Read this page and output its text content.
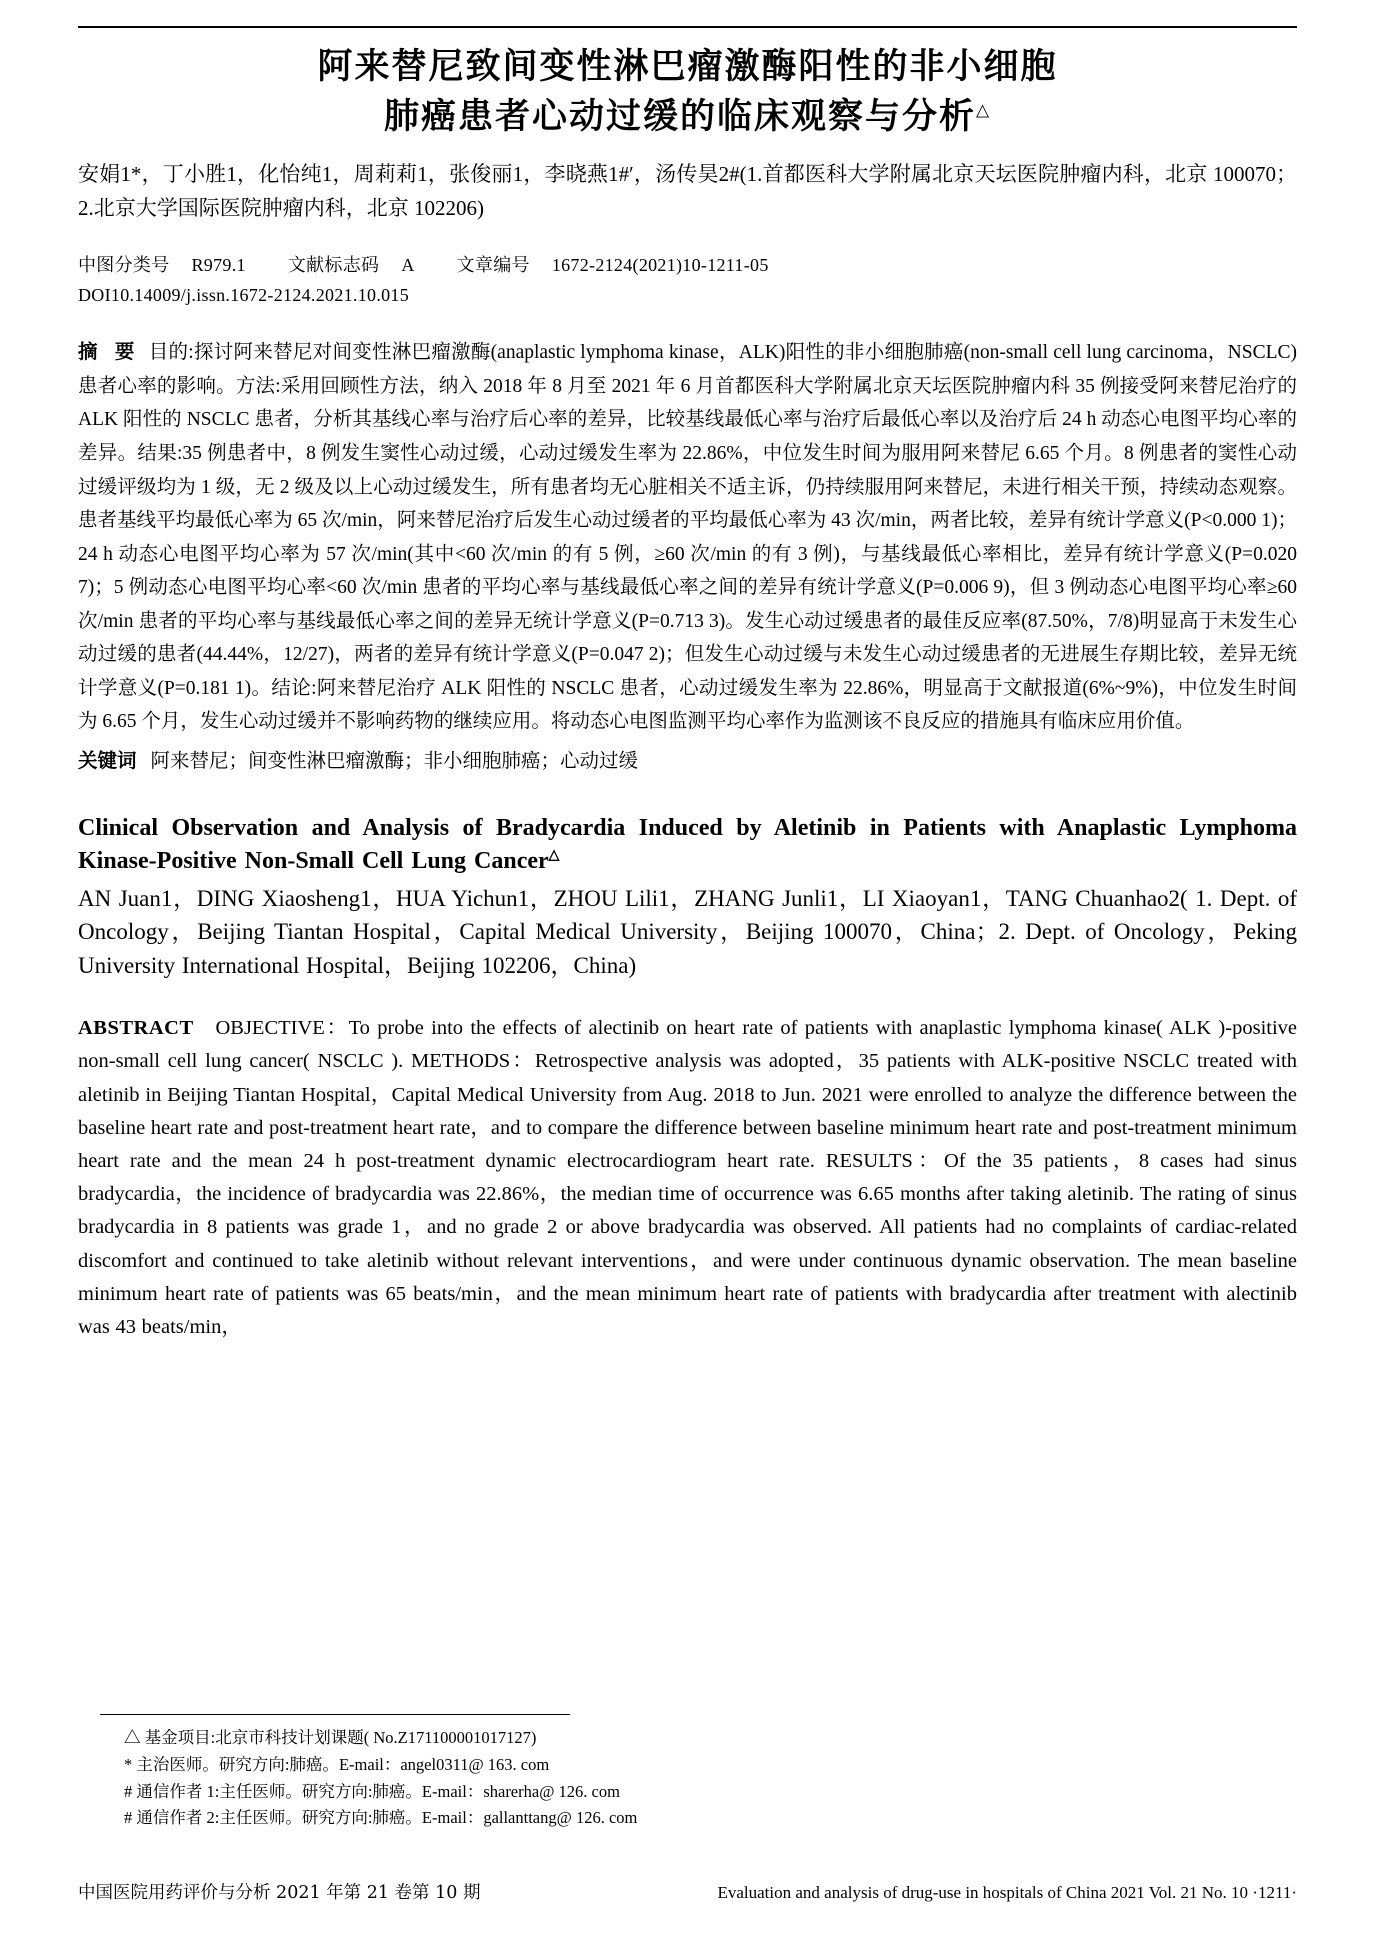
阿来替尼致间变性淋巴瘤激酶阳性的非小细胞
肺癌患者心动过缓的临床观察与分析△
安娟1*，丁小胜1，化怡纯1，周莉莉1，张俊丽1，李晓燕1#′，汤传昊2#(1.首都医科大学附属北京天坛医院肿瘤内科，北京 100070；2.北京大学国际医院肿瘤内科，北京 102206)
中图分类号 R979.1 文献标志码 A 文章编号 1672-2124(2021)10-1211-05
DOI10.14009/j.issn.1672-2124.2021.10.015
摘 要 目的:探讨阿来替尼对间变性淋巴瘤激酶(anaplastic lymphoma kinase，ALK)阳性的非小细胞肺癌(non-small cell lung carcinoma，NSCLC)患者心率的影响。方法:采用回顾性方法，纳入 2018 年 8 月至 2021 年 6 月首都医科大学附属北京天坛医院肿瘤内科 35 例接受阿来替尼治疗的 ALK 阳性的 NSCLC 患者，分析其基线心率与治疗后心率的差异，比较基线最低心率与治疗后最低心率以及治疗后 24 h 动态心电图平均心率的差异。结果:35 例患者中，8 例发生窦性心动过缓，心动过缓发生率为 22.86%，中位发生时间为服用阿来替尼 6.65 个月。8 例患者的窦性心动过缓评级均为 1 级，无 2 级及以上心动过缓发生，所有患者均无心脏相关不适主诉，仍持续服用阿来替尼，未进行相关干预，持续动态观察。患者基线平均最低心率为 65 次/min，阿来替尼治疗后发生心动过缓者的平均最低心率为 43 次/min，两者比较，差异有统计学意义(P<0.000 1)；24 h 动态心电图平均心率为 57 次/min(其中<60 次/min 的有 5 例，≥60 次/min 的有 3 例)，与基线最低心率相比，差异有统计学意义(P=0.020 7)；5 例动态心电图平均心率<60 次/min 患者的平均心率与基线最低心率之间的差异有统计学意义(P=0.006 9)，但 3 例动态心电图平均心率≥60 次/min 患者的平均心率与基线最低心率之间的差异无统计学意义(P=0.713 3)。发生心动过缓患者的最佳反应率(87.50%，7/8)明显高于未发生心动过缓的患者(44.44%，12/27)，两者的差异有统计学意义(P=0.047 2)；但发生心动过缓与未发生心动过缓患者的无进展生存期比较，差异无统计学意义(P=0.181 1)。结论:阿来替尼治疗 ALK 阳性的 NSCLC 患者，心动过缓发生率为 22.86%，明显高于文献报道(6%~9%)，中位发生时间为 6.65 个月，发生心动过缓并不影响药物的继续应用。将动态心电图监测平均心率作为监测该不良反应的措施具有临床应用价值。
关键词 阿来替尼；间变性淋巴瘤激酶；非小细胞肺癌；心动过缓
Clinical Observation and Analysis of Bradycardia Induced by Aletinib in Patients with Anaplastic Lymphoma Kinase-Positive Non-Small Cell Lung Cancer△
AN Juan1，DING Xiaosheng1，HUA Yichun1，ZHOU Lili1，ZHANG Junli1，LI Xiaoyan1，TANG Chuanhao2( 1. Dept. of Oncology，Beijing Tiantan Hospital，Capital Medical University，Beijing 100070，China；2. Dept. of Oncology，Peking University International Hospital，Beijing 102206，China)
ABSTRACT OBJECTIVE：To probe into the effects of alectinib on heart rate of patients with anaplastic lymphoma kinase( ALK )-positive non-small cell lung cancer( NSCLC ). METHODS：Retrospective analysis was adopted，35 patients with ALK-positive NSCLC treated with aletinib in Beijing Tiantan Hospital，Capital Medical University from Aug. 2018 to Jun. 2021 were enrolled to analyze the difference between the baseline heart rate and post-treatment heart rate，and to compare the difference between baseline minimum heart rate and post-treatment minimum heart rate and the mean 24 h post-treatment dynamic electrocardiogram heart rate. RESULTS：Of the 35 patients，8 cases had sinus bradycardia，the incidence of bradycardia was 22.86%，the median time of occurrence was 6.65 months after taking aletinib. The rating of sinus bradycardia in 8 patients was grade 1，and no grade 2 or above bradycardia was observed. All patients had no complaints of cardiac-related discomfort and continued to take aletinib without relevant interventions，and were under continuous dynamic observation. The mean baseline minimum heart rate of patients was 65 beats/min，and the mean minimum heart rate of patients with bradycardia after treatment with alectinib was 43 beats/min，
△ 基金项目:北京市科技计划课题( No.Z171100001017127)
* 主治医师。研究方向:肺癌。E-mail：angel0311@ 163. com
# 通信作者 1:主任医师。研究方向:肺癌。E-mail：sharerha@ 126. com
# 通信作者 2:主任医师。研究方向:肺癌。E-mail：gallanttang@ 126. com
中国医院用药评价与分析 2021 年第 21 卷第 10 期	Evaluation and analysis of drug-use in hospitals of China 2021 Vol. 21 No. 10 ·1211·
